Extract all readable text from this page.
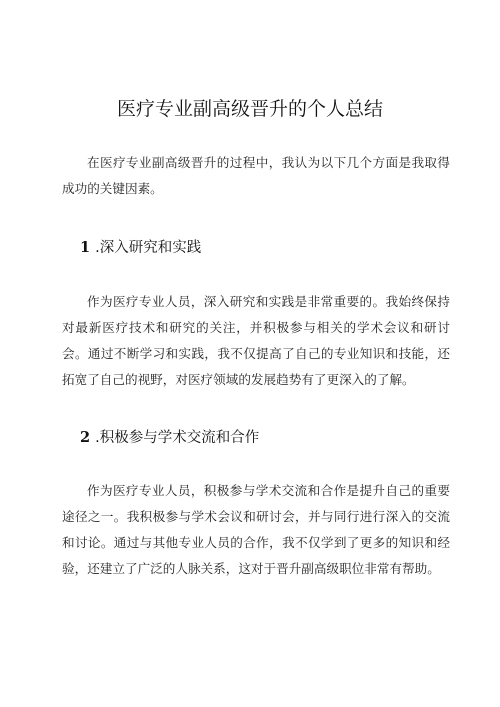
医疗专业副高级晋升的个人总结

在医疗专业副高级晋升的过程中，我认为以下几个方面是我取得成功的关键因素。

1 .深入研究和实践

作为医疗专业人员，深入研究和实践是非常重要的。我始终保持对最新医疗技术和研究的关注，并积极参与相关的学术会议和研讨会。通过不断学习和实践，我不仅提高了自己的专业知识和技能，还拓宽了自己的视野，对医疗领域的发展趋势有了更深入的了解。

2 .积极参与学术交流和合作

作为医疗专业人员，积极参与学术交流和合作是提升自己的重要途径之一。我积极参与学术会议和研讨会，并与同行进行深入的交流和讨论。通过与其他专业人员的合作，我不仅学到了更多的知识和经验，还建立了广泛的人脉关系，这对于晋升副高级职位非常有帮助。
